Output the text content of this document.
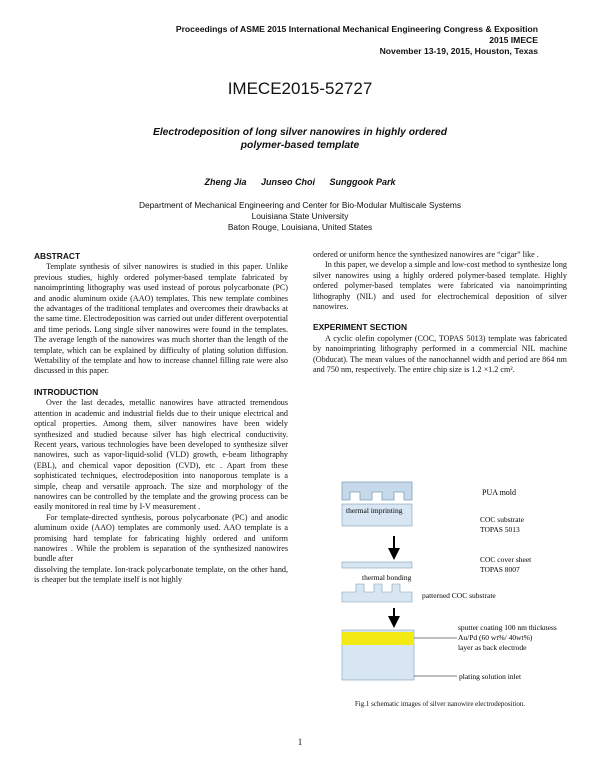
Proceedings of ASME 2015 International Mechanical Engineering Congress & Exposition
2015 IMECE
November 13-19, 2015, Houston, Texas
IMECE2015-52727
Electrodeposition of long silver nanowires in highly ordered
polymer-based template
Zheng Jia Junseo Choi Sunggook Park
Department of Mechanical Engineering and Center for Bio-Modular Multiscale Systems
Louisiana State University
Baton Rouge, Louisiana, United States
ABSTRACT

Template synthesis of silver nanowires is studied in this paper. Unlike previous studies, highly ordered polymer-based template fabricated by nanoimprinting lithography was used instead of porous polycarbonate (PC) and anodic aluminum oxide (AAO) templates. This new template combines the advantages of the traditional templates and overcomes their drawbacks at the same time. Electrodeposition was carried out under different overpotential and time periods. Long single silver nanowires were found in the templates. The average length of the nanowires was much shorter than the length of the template, which can be explained by difficulty of plating solution diffusion. Wettability of the template and how to increase channel filling rate were also discussed in this paper.

INTRODUCTION

Over the last decades, metallic nanowires have attracted tremendous attention in academic and industrial fields due to their unique electrical and optical properties. Among them, silver nanowires have been widely synthesized and studied because silver has high electrical conductivity. Recent years, various technologies have been developed to synthesize silver nanowires, such as vapor-liquid-solid (VLD) growth, e-beam lithography (EBL), and chemical vapor deposition (CVD), etc . Apart from these sophisticated techniques, electrodeposition into nanoporous template is a simple, cheap and versatile approach. The size and morphology of the nanowires can be controlled by the template and the growing process can be easily monitored in real time by I-V measurement .

For template-directed synthesis, porous polycarbonate (PC) and anodic aluminum oxide (AAO) templates are commonly used. AAO template is a promising hard template for fabricating highly ordered and uniform nanowires . While the problem is separation of the synthesized nanowires bundle after

dissolving the template. Ion-track polycarbonate template, on the other hand, is cheaper but the template itself is not highly

ordered or uniform hence the synthesized nanowires are “cigar” like .

In this paper, we develop a simple and low-cost method to synthesize long silver nanowires using a highly ordered polymer-based template. Highly ordered polymer-based templates were fabricated via nanoimprinting lithography (NIL) and used for electrochemical deposition of silver nanowires.

EXPERIMENT SECTION

A cyclic olefin copolymer (COC, TOPAS 5013) template was fabricated by nanoimprinting lithography performed in a commercial NIL machine (Obducat). The mean values of the nanochannel width and period are 864 nm and 750 nm, respectively. The entire chip size is 1.2 ×1.2 cm².

PUA mold
thermal imprinting
COC substrate
TOPAS 5013
COC cover sheet
TOPAS 8007
thermal bonding
patterned COC substrate
sputter coating 100 nm thickness
Au/Pd (60 wt%/ 40wt%)
layer as back electrode
plating solution inlet
Fig.1 schematic images of silver nanowire electrodeposition.
1
